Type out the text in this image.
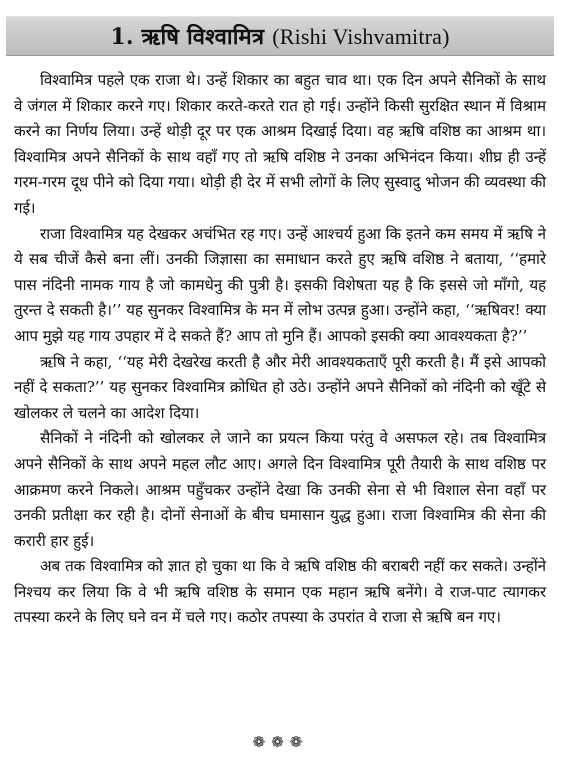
1. ऋषि विश्वामित्र (Rishi Vishvamitra)

विश्वामित्र पहले एक राजा थे। उन्हें शिकार का बहुत चाव था। एक दिन अपने सैनिकों के साथ वे जंगल में शिकार करने गए। शिकार करते-करते रात हो गई। उन्होंने किसी सुरक्षित स्थान में विश्राम करने का निर्णय लिया। उन्हें थोड़ी दूर पर एक आश्रम दिखाई दिया। वह ऋषि वशिष्ठ का आश्रम था। विश्वामित्र अपने सैनिकों के साथ वहाँ गए तो ऋषि वशिष्ठ ने उनका अभिनंदन किया। शीघ्र ही उन्हें गरम-गरम दूध पीने को दिया गया। थोड़ी ही देर में सभी लोगों के लिए सुस्वादु भोजन की व्यवस्था की गई।

राजा विश्वामित्र यह देखकर अचंभित रह गए। उन्हें आश्चर्य हुआ कि इतने कम समय में ऋषि ने ये सब चीजें कैसे बना लीं। उनकी जिज्ञासा का समाधान करते हुए ऋषि वशिष्ठ ने बताया, ‘‘हमारे पास नंदिनी नामक गाय है जो कामधेनु की पुत्री है। इसकी विशेषता यह है कि इससे जो माँगो, यह तुरन्त दे सकती है।’’ यह सुनकर विश्वामित्र के मन में लोभ उत्पन्न हुआ। उन्होंने कहा, ‘‘ऋषिवर! क्या आप मुझे यह गाय उपहार में दे सकते हैं? आप तो मुनि हैं। आपको इसकी क्या आवश्यकता है?’’

ऋषि ने कहा, ‘‘यह मेरी देखरेख करती है और मेरी आवश्यकताएँ पूरी करती है। मैं इसे आपको नहीं दे सकता?’’ यह सुनकर विश्वामित्र क्रोधित हो उठे। उन्होंने अपने सैनिकों को नंदिनी को खूँटे से खोलकर ले चलने का आदेश दिया।

सैनिकों ने नंदिनी को खोलकर ले जाने का प्रयत्न किया परंतु वे असफल रहे। तब विश्वामित्र अपने सैनिकों के साथ अपने महल लौट आए। अगले दिन विश्वामित्र पूरी तैयारी के साथ वशिष्ठ पर आक्रमण करने निकले। आश्रम पहुँचकर उन्होंने देखा कि उनकी सेना से भी विशाल सेना वहाँ पर उनकी प्रतीक्षा कर रही है। दोनों सेनाओं के बीच घमासान युद्ध हुआ। राजा विश्वामित्र की सेना की करारी हार हुई।

अब तक विश्वामित्र को ज्ञात हो चुका था कि वे ऋषि वशिष्ठ की बराबरी नहीं कर सकते। उन्होंने निश्चय कर लिया कि वे भी ऋषि वशिष्ठ के समान एक महान ऋषि बनेंगे। वे राज-पाट त्यागकर तपस्या करने के लिए घने वन में चले गए। कठोर तपस्या के उपरांत वे राजा से ऋषि बन गए।

❁❁❁
